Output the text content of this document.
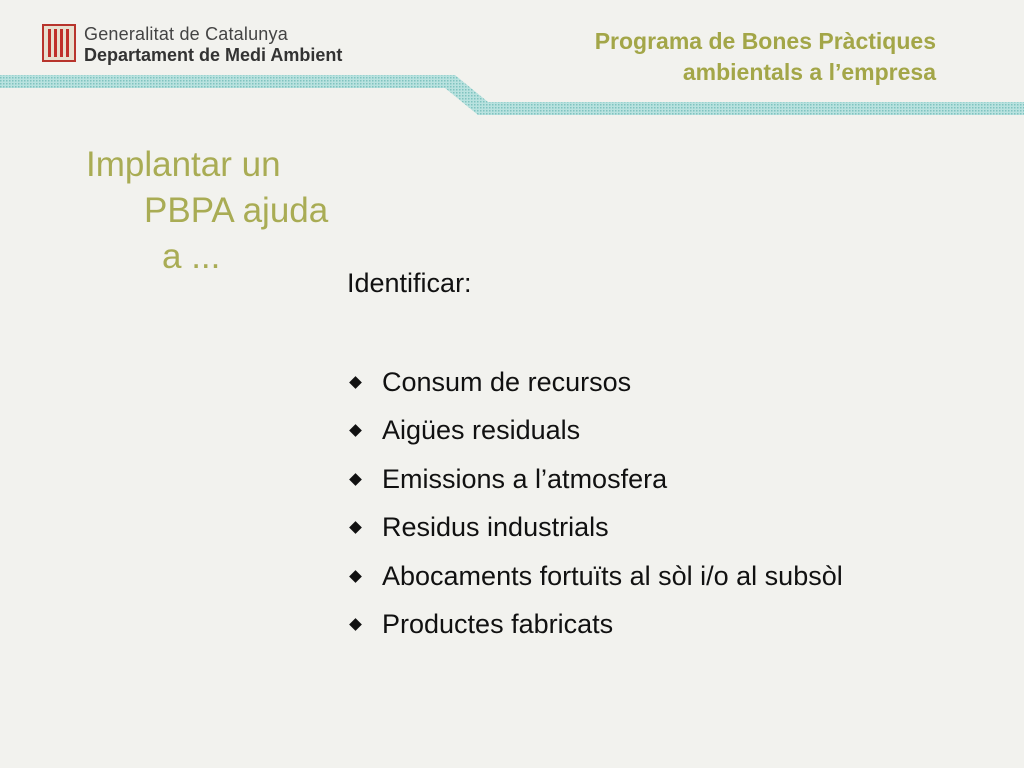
Generalitat de Catalunya
Departament de Medi Ambient
Programa de Bones Pràctiques
ambientals a l’empresa
Implantar un
PBPA ajuda
a ...
Identificar:
Consum de recursos
Aigües residuals
Emissions a l’atmosfera
Residus industrials
Abocaments fortuïts al sòl i/o al subsòl
Productes fabricats
